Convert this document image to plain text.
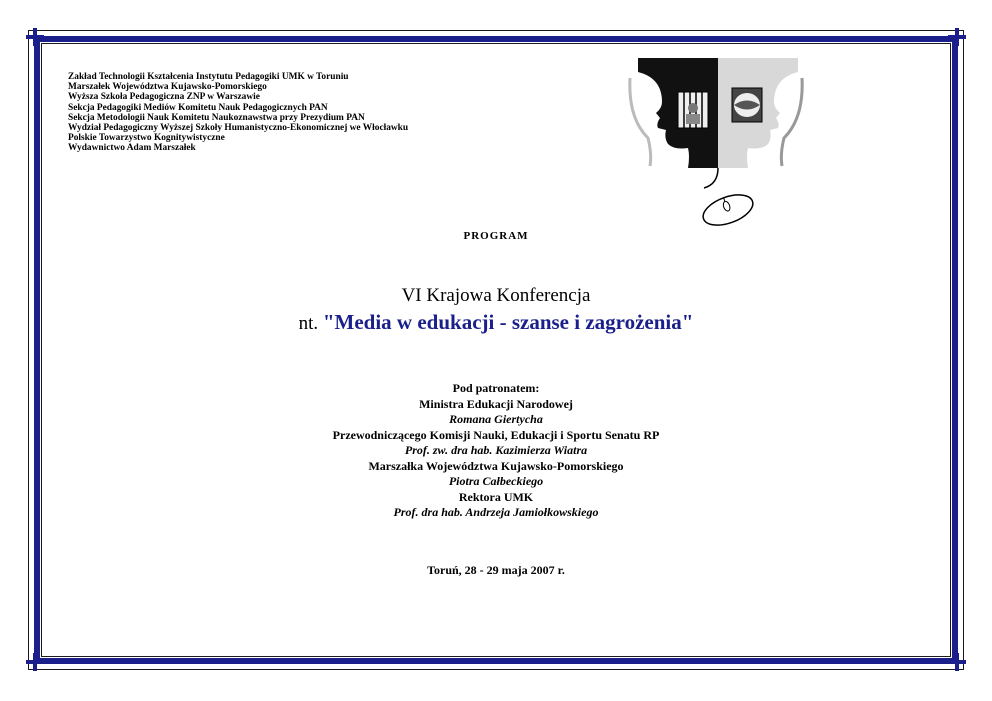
Zakład Technologii Kształcenia Instytutu Pedagogiki UMK w Toruniu
Marszałek Województwa Kujawsko-Pomorskiego
Wyższa Szkoła Pedagogiczna ZNP w Warszawie
Sekcja Pedagogiki Mediów Komitetu Nauk Pedagogicznych PAN
Sekcja Metodologii Nauk Komitetu Naukoznawstwa przy Prezydium PAN
Wydział Pedagogiczny Wyższej Szkoły Humanistyczno-Ekonomicznej we Włocławku
Polskie Towarzystwo Kognitywistyczne
Wydawnictwo Adam Marszałek
PROGRAM
VI Krajowa Konferencja
nt. "Media w edukacji - szanse i zagrożenia"
Pod patronatem:
Ministra Edukacji Narodowej
Romana Giertycha
Przewodniczącego Komisji Nauki, Edukacji i Sportu Senatu RP
Prof. zw. dra hab. Kazimierza Wiatra
Marszałka Województwa Kujawsko-Pomorskiego
Piotra Całbeckiego
Rektora UMK
Prof. dra hab. Andrzeja Jamiołkowskiego
Toruń, 28 - 29 maja 2007 r.
